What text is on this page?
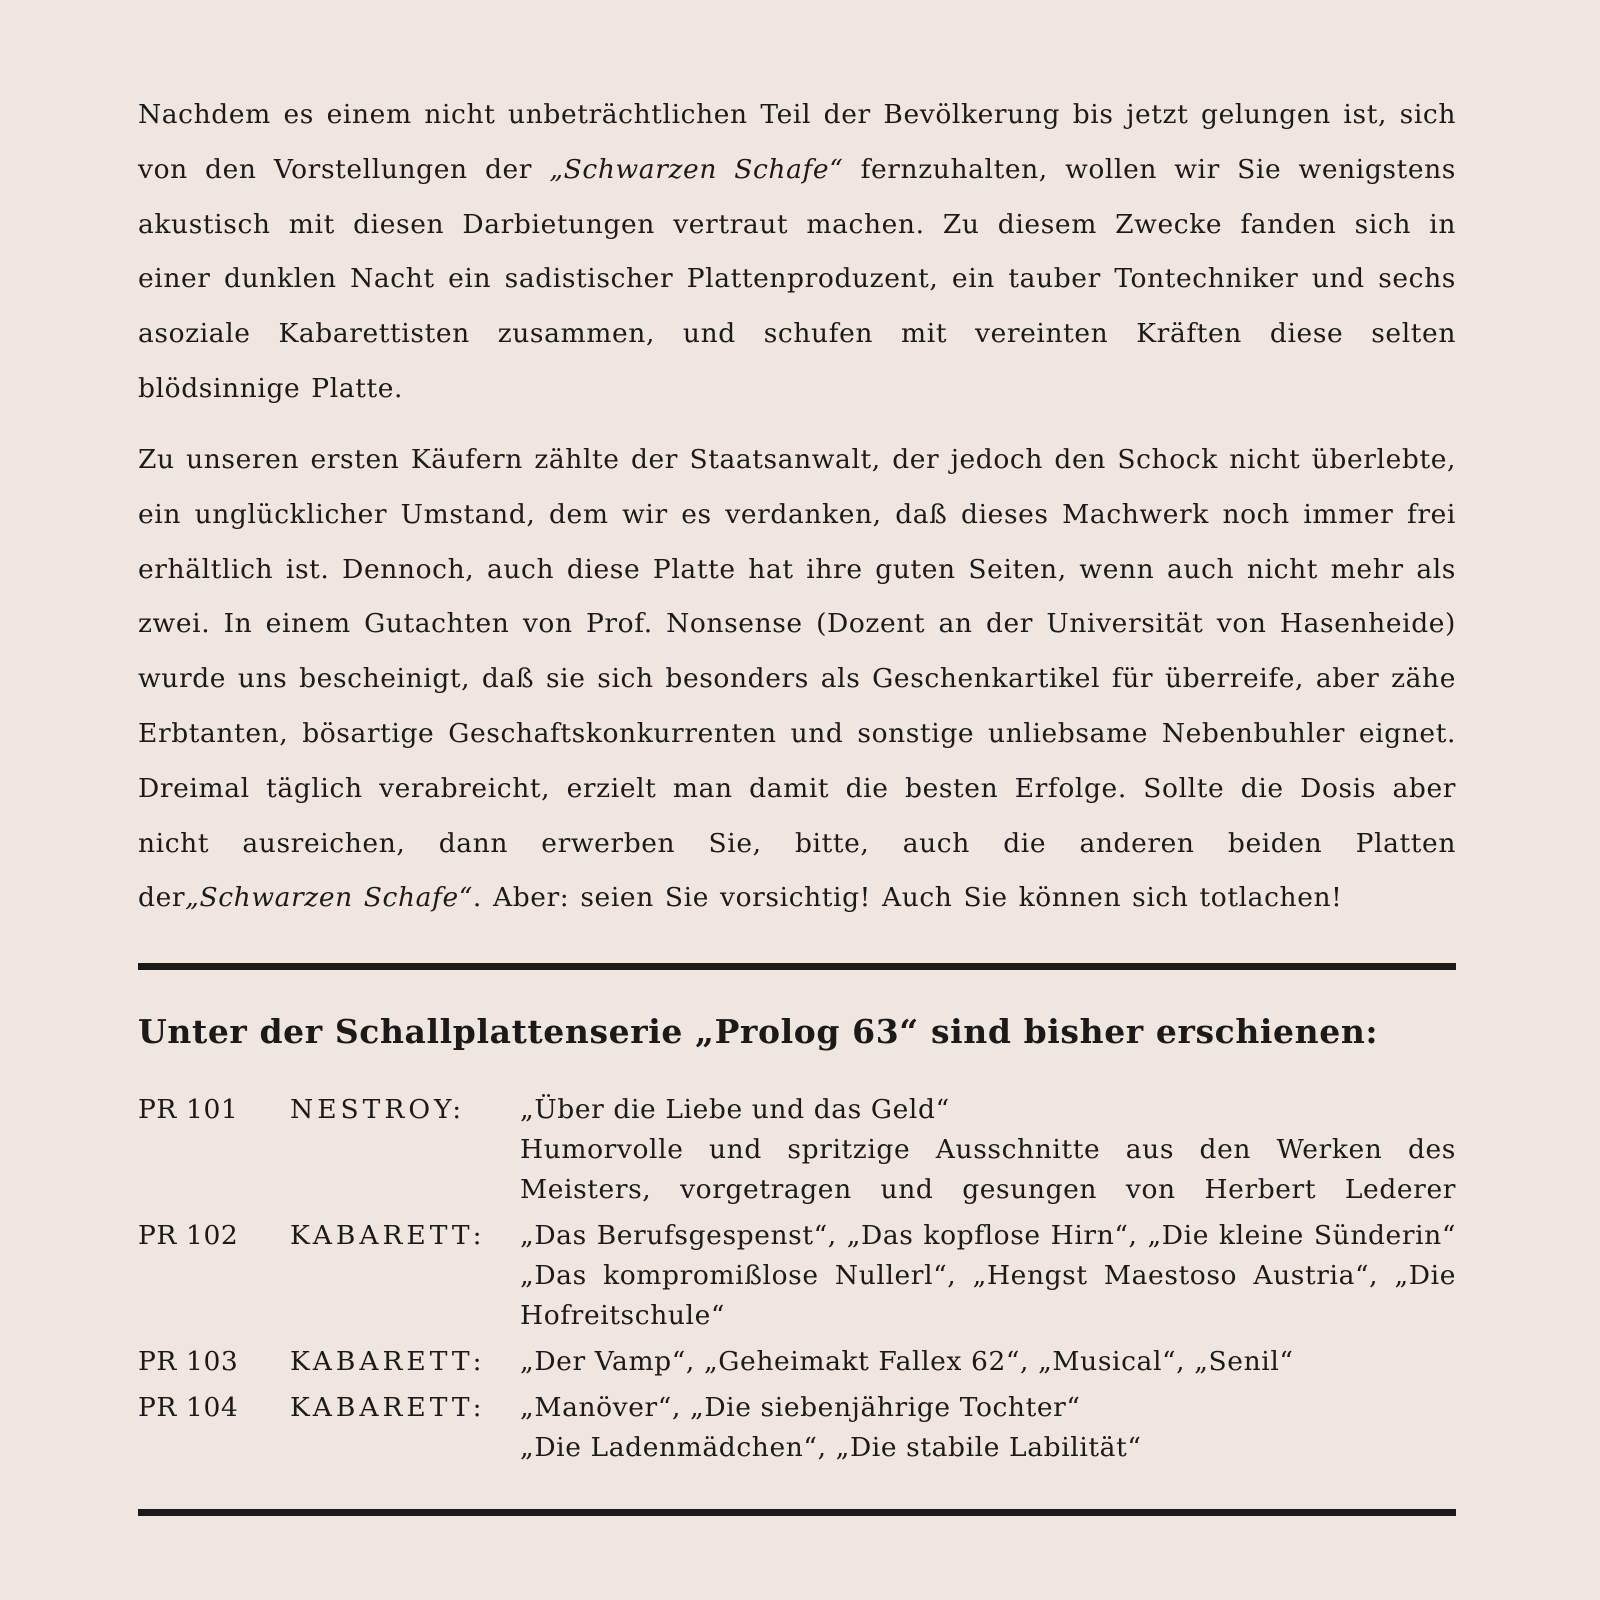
Nachdem es einem nicht unbeträchtlichen Teil der Bevölkerung bis jetzt gelungen ist, sich von den Vorstellungen der „Schwarzen Schafe“ fernzuhalten, wollen wir Sie wenigstens akustisch mit diesen Darbietungen vertraut machen. Zu diesem Zwecke fanden sich in einer dunklen Nacht ein sadistischer Plattenproduzent, ein tauber Tontechniker und sechs asoziale Kabarettisten zusammen, und schufen mit vereinten Kräften diese selten blödsinnige Platte.

Zu unseren ersten Käufern zählte der Staatsanwalt, der jedoch den Schock nicht überlebte, ein unglücklicher Umstand, dem wir es verdanken, daß dieses Machwerk noch immer frei erhältlich ist. Dennoch, auch diese Platte hat ihre guten Seiten, wenn auch nicht mehr als zwei. In einem Gutachten von Prof. Nonsense (Dozent an der Universität von Hasenheide) wurde uns bescheinigt, daß sie sich besonders als Geschenkartikel für überreife, aber zähe Erbtanten, bösartige Geschaftskonkurrenten und sonstige unliebsame Nebenbuhler eignet. Dreimal täglich verabreicht, erzielt man damit die besten Erfolge. Sollte die Dosis aber nicht ausreichen, dann erwerben Sie, bitte, auch die anderen beiden Platten der„Schwarzen Schafe“. Aber: seien Sie vorsichtig! Auch Sie können sich totlachen!

Unter der Schallplattenserie „Prolog 63“ sind bisher erschienen:
PR 101	NESTROY:	„Über die Liebe und das Geld“
Humorvolle und spritzige Ausschnitte aus den Werken des
Meisters, vorgetragen und gesungen von Herbert Lederer
PR 102	KABARETT:	„Das Berufsgespenst“, „Das kopflose Hirn“, „Die kleine Sünderin“
„Das kompromißlose Nullerl“, „Hengst Maestoso Austria“, „Die
Hofreitschule“
PR 103	KABARETT:	„Der Vamp“, „Geheimakt Fallex 62“, „Musical“, „Senil“
PR 104	KABARETT:	„Manöver“, „Die siebenjährige Tochter“
„Die Ladenmädchen“, „Die stabile Labilität“
